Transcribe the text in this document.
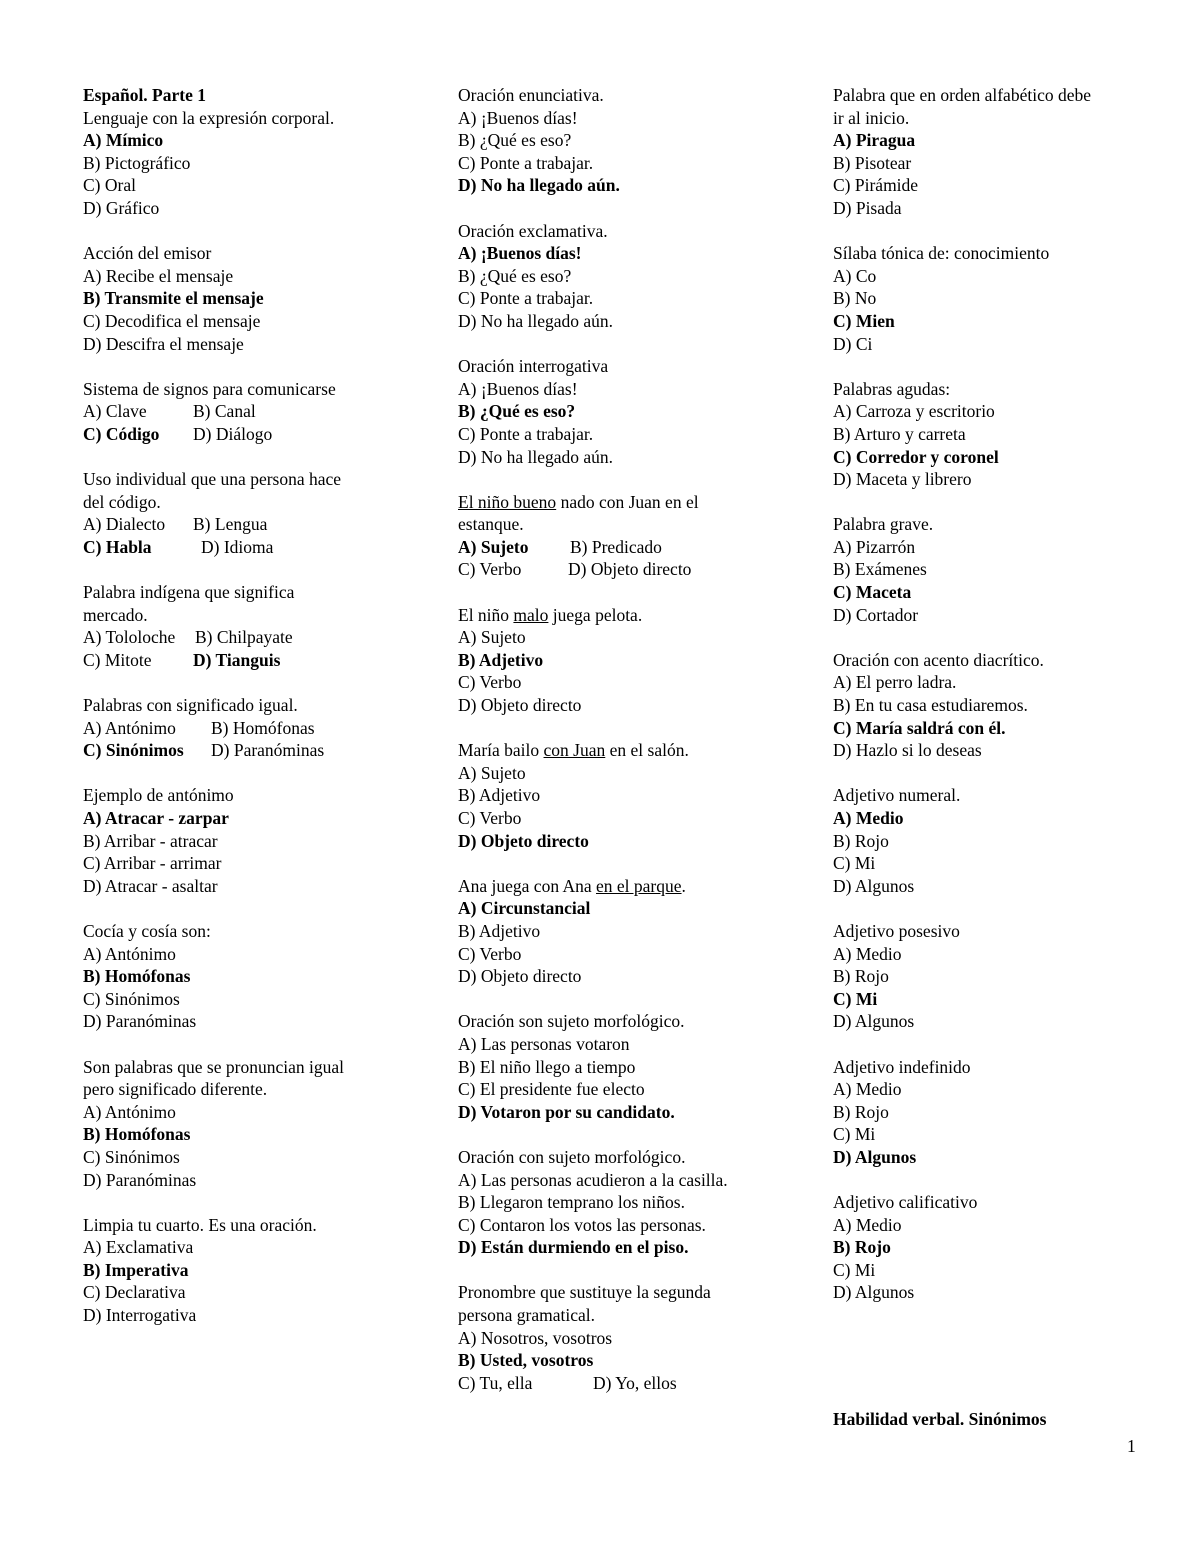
Español. Parte 1
Lenguaje con la expresión corporal.
A) Mímico
B) Pictográfico
C) Oral
D) Gráfico
Acción del emisor
A) Recibe el mensaje
B) Transmite el mensaje
C) Decodifica el mensaje
D) Descifra el mensaje
Sistema de signos para comunicarse
A) Clave	B) Canal
C) Código D) Diálogo
Uso individual que una persona hace
del código.
A) Dialecto B) Lengua
C) Habla	D) Idioma
Palabra indígena que significa
mercado.
A) Tololoche B) Chilpayate
C) Mitote D) Tianguis
Palabras con significado igual.
A) Antónimo B) Homófonas
C) Sinónimos D) Paranóminas
Ejemplo de antónimo
A) Atracar - zarpar
B) Arribar - atracar
C) Arribar - arrimar
D) Atracar - asaltar
Cocía y cosía son:
A) Antónimo
B) Homófonas
C) Sinónimos
D) Paranóminas
Son palabras que se pronuncian igual
pero significado diferente.
A) Antónimo
B) Homófonas
C) Sinónimos
D) Paranóminas
Limpia tu cuarto. Es una oración.
A) Exclamativa
B) Imperativa
C) Declarativa
D) Interrogativa
Oración enunciativa.
A) ¡Buenos días!
B) ¿Qué es eso?
C) Ponte a trabajar.
D) No ha llegado aún.
Oración exclamativa.
A) ¡Buenos días!
B) ¿Qué es eso?
C) Ponte a trabajar.
D) No ha llegado aún.
Oración interrogativa
A) ¡Buenos días!
B) ¿Qué es eso?
C) Ponte a trabajar.
D) No ha llegado aún.
El niño bueno nado con Juan en el
estanque.
A) Sujeto B) Predicado
C) Verbo	D) Objeto directo
El niño malo juega pelota.
A) Sujeto
B) Adjetivo
C) Verbo
D) Objeto directo
María bailo con Juan en el salón.
A) Sujeto
B) Adjetivo
C) Verbo
D) Objeto directo
Ana juega con Ana en el parque.
A) Circunstancial
B) Adjetivo
C) Verbo
D) Objeto directo
Oración son sujeto morfológico.
A) Las personas votaron
B) El niño llego a tiempo
C) El presidente fue electo
D) Votaron por su candidato.
Oración con sujeto morfológico.
A) Las personas acudieron a la casilla.
B) Llegaron temprano los niños.
C) Contaron los votos las personas.
D) Están durmiendo en el piso.
Pronombre que sustituye la segunda
persona gramatical.
A) Nosotros, vosotros
B) Usted, vosotros
C) Tu, ella	D) Yo, ellos
Palabra que en orden alfabético debe
ir al inicio.
A) Piragua
B) Pisotear
C) Pirámide
D) Pisada
Sílaba tónica de: conocimiento
A) Co
B) No
C) Mien
D) Ci
Palabras agudas:
A) Carroza y escritorio
B) Arturo y carreta
C) Corredor y coronel
D) Maceta y librero
Palabra grave.
A) Pizarrón
B) Exámenes
C) Maceta
D) Cortador
Oración con acento diacrítico.
A) El perro ladra.
B) En tu casa estudiaremos.
C) María saldrá con él.
D) Hazlo si lo deseas
Adjetivo numeral.
A) Medio
B) Rojo
C) Mi
D) Algunos
Adjetivo posesivo
A) Medio
B) Rojo
C) Mi
D) Algunos
Adjetivo indefinido
A) Medio
B) Rojo
C) Mi
D) Algunos
Adjetivo calificativo
A) Medio
B) Rojo
C) Mi
D) Algunos
Habilidad verbal. Sinónimos
1
